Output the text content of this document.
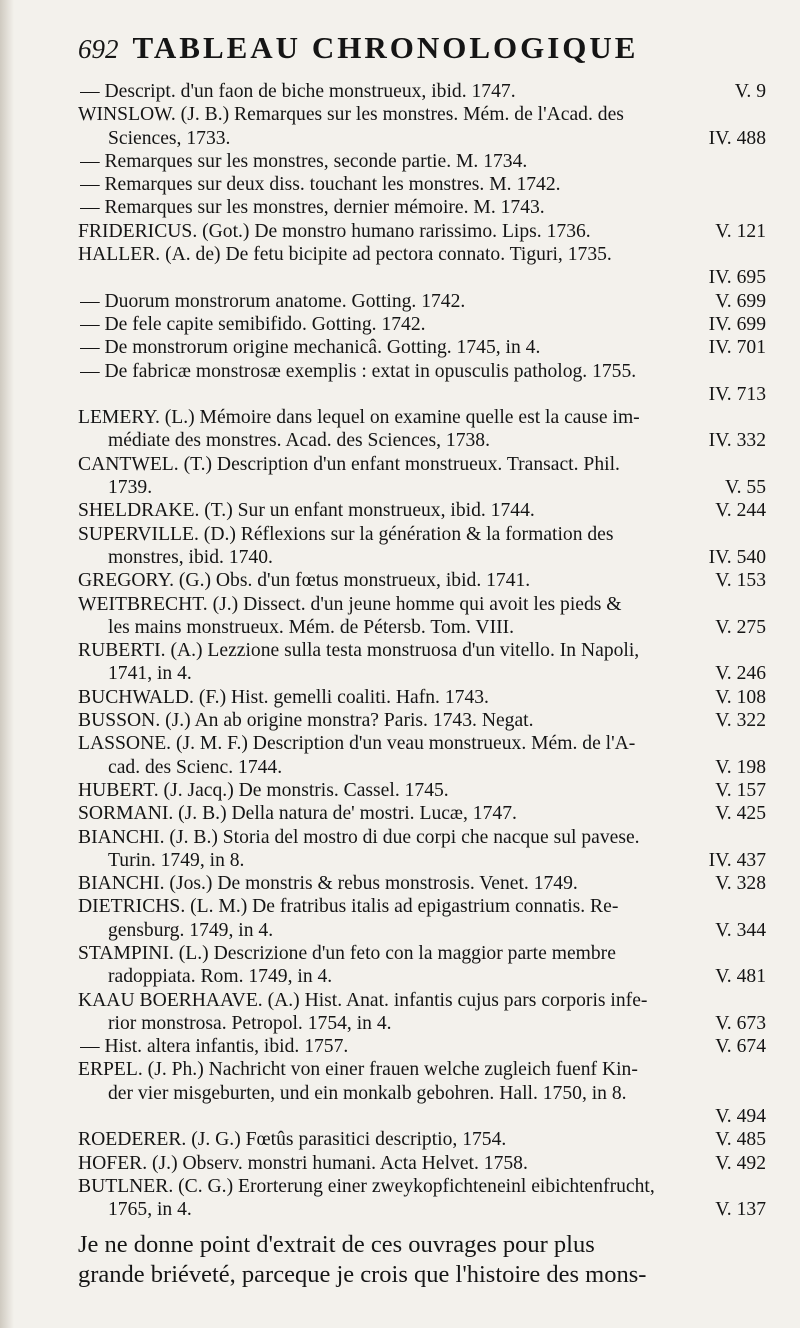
692 TABLEAU CHRONOLOGIQUE
— Descript. d'un faon de biche monstrueux, ibid. 1747.	V. 9
WINSLOW. (J. B.) Remarques sur les monstres. Mém. de l'Acad. des
Sciences, 1733.	IV. 488
— Remarques sur les monstres, seconde partie. M. 1734.
— Remarques sur deux diss. touchant les monstres. M. 1742.
— Remarques sur les monstres, dernier mémoire. M. 1743.
FRIDERICUS. (Got.) De monstro humano rarissimo. Lips. 1736.	V. 121
HALLER. (A. de) De fetu bicipite ad pectora connato. Tiguri, 1735.
IV. 695
— Duorum monstrorum anatome. Gotting. 1742.	V. 699
— De fele capite semibifido. Gotting. 1742.	IV. 699
— De monstrorum origine mechanicâ. Gotting. 1745, in 4.	IV. 701
— De fabricæ monstrosæ exemplis : extat in opusculis patholog. 1755.
IV. 713
LEMERY. (L.) Mémoire dans lequel on examine quelle est la cause im-
médiate des monstres. Acad. des Sciences, 1738.	IV. 332
CANTWEL. (T.) Description d'un enfant monstrueux. Transact. Phil.
1739.	V. 55
SHELDRAKE. (T.) Sur un enfant monstrueux, ibid. 1744.	V. 244
SUPERVILLE. (D.) Réflexions sur la génération & la formation des
monstres, ibid. 1740.	IV. 540
GREGORY. (G.) Obs. d'un fœtus monstrueux, ibid. 1741.	V. 153
WEITBRECHT. (J.) Dissect. d'un jeune homme qui avoit les pieds &
les mains monstrueux. Mém. de Pétersb. Tom. VIII.	V. 275
RUBERTI. (A.) Lezzione sulla testa monstruosa d'un vitello. In Napoli,
1741, in 4.	V. 246
BUCHWALD. (F.) Hist. gemelli coaliti. Hafn. 1743.	V. 108
BUSSON. (J.) An ab origine monstra? Paris. 1743. Negat.	V. 322
LASSONE. (J. M. F.) Description d'un veau monstrueux. Mém. de l'A-
cad. des Scienc. 1744.	V. 198
HUBERT. (J. Jacq.) De monstris. Cassel. 1745.	V. 157
SORMANI. (J. B.) Della natura de' mostri. Lucæ, 1747.	V. 425
BIANCHI. (J. B.) Storia del mostro di due corpi che nacque sul pavese.
Turin. 1749, in 8.	IV. 437
BIANCHI. (Jos.) De monstris & rebus monstrosis. Venet. 1749.	V. 328
DIETRICHS. (L. M.) De fratribus italis ad epigastrium connatis. Re-
gensburg. 1749, in 4.	V. 344
STAMPINI. (L.) Descrizione d'un feto con la maggior parte membre
radoppiata. Rom. 1749, in 4.	V. 481
KAAU BOERHAAVE. (A.) Hist. Anat. infantis cujus pars corporis infe-
rior monstrosa. Petropol. 1754, in 4.	V. 673
— Hist. altera infantis, ibid. 1757.	V. 674
ERPEL. (J. Ph.) Nachricht von einer frauen welche zugleich fuenf Kin-
der vier misgeburten, und ein monkalb gebohren. Hall. 1750, in 8.
V. 494
ROEDERER. (J. G.) Fœtûs parasitici descriptio, 1754.	V. 485
HOFER. (J.) Observ. monstri humani. Acta Helvet. 1758.	V. 492
BUTLNER. (C. G.) Erorterung einer zweykopfichteneinl eibichtenfrucht,
1765, in 4.	V. 137
Je ne donne point d'extrait de ces ouvrages pour plus
grande briéveté, parceque je crois que l'histoire des mons-
